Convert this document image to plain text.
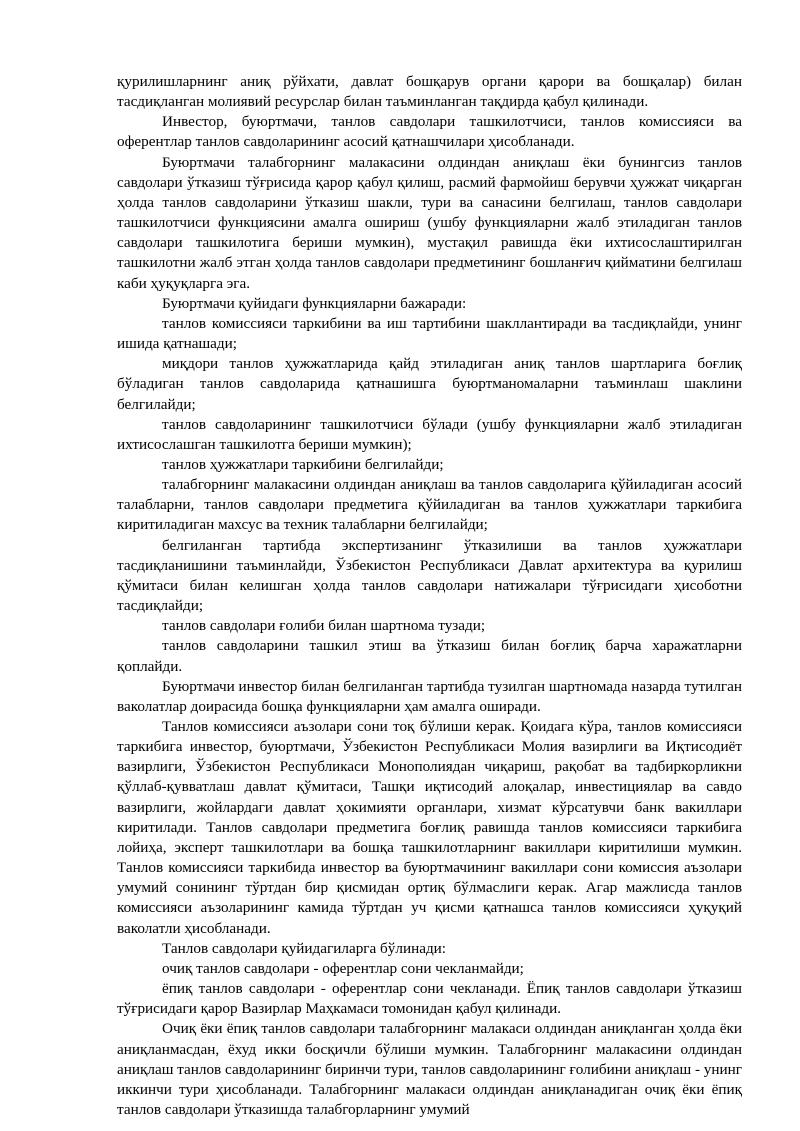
қурилишларнинг аниқ рўйхати, давлат бошқарув органи қарори ва бошқалар) билан тасдиқланган молиявий ресурслар билан таъминланган тақдирда қабул қилинади.

Инвестор, буюртмачи, танлов савдолари ташкилотчиси, танлов комиссияси ва оферентлар танлов савдоларининг асосий қатнашчилари ҳисобланади.

Буюртмачи талабгорнинг малакасини олдиндан аниқлаш ёки бунингсиз танлов савдолари ўтказиш тўғрисида қарор қабул қилиш, расмий фармойиш берувчи ҳужжат чиқарган ҳолда танлов савдоларини ўтказиш шакли, тури ва санасини белгилаш, танлов савдолари ташкилотчиси функциясини амалга ошириш (ушбу функцияларни жалб этиладиган танлов савдолари ташкилотига бериши мумкин), мустақил равишда ёки ихтисослаштирилган ташкилотни жалб этган ҳолда танлов савдолари предметининг бошланғич қийматини белгилаш каби ҳуқуқларга эга.

Буюртмачи қуйидаги функцияларни бажаради:

танлов комиссияси таркибини ва иш тартибини шакллантиради ва тасдиқлайди, унинг ишида қатнашади;

миқдори танлов ҳужжатларида қайд этиладиган аниқ танлов шартларига боғлиқ бўладиган танлов савдоларида қатнашишга буюртманомаларни таъминлаш шаклини белгилайди;

танлов савдоларининг ташкилотчиси бўлади (ушбу функцияларни жалб этиладиган ихтисослашган ташкилотга бериши мумкин);

танлов ҳужжатлари таркибини белгилайди;

талабгорнинг малакасини олдиндан аниқлаш ва танлов савдоларига қўйиладиган асосий талабларни, танлов савдолари предметига қўйиладиган ва танлов ҳужжатлари таркибига киритиладиган махсус ва техник талабларни белгилайди;

белгиланган тартибда экспертизанинг ўтказилиши ва танлов ҳужжатлари тасдиқланишини таъминлайди, Ўзбекистон Республикаси Давлат архитектура ва қурилиш қўмитаси билан келишган ҳолда танлов савдолари натижалари тўғрисидаги ҳисоботни тасдиқлайди;

танлов савдолари ғолиби билан шартнома тузади;

танлов савдоларини ташкил этиш ва ўтказиш билан боғлиқ барча харажатларни қоплайди.

Буюртмачи инвестор билан белгиланган тартибда тузилган шартномада назарда тутилган ваколатлар доирасида бошқа функцияларни ҳам амалга оширади.

Танлов комиссияси аъзолари сони тоқ бўлиши керак. Қоидага кўра, танлов комиссияси таркибига инвестор, буюртмачи, Ўзбекистон Республикаси Молия вазирлиги ва Иқтисодиёт вазирлиги, Ўзбекистон Республикаси Монополиядан чиқариш, рақобат ва тадбиркорликни қўллаб-қувватлаш давлат қўмитаси, Ташқи иқтисодий алоқалар, инвестициялар ва савдо вазирлиги, жойлардаги давлат ҳокимияти органлари, хизмат кўрсатувчи банк вакиллари киритилади. Танлов савдолари предметига боғлиқ равишда танлов комиссияси таркибига лойиҳа, эксперт ташкилотлари ва бошқа ташкилотларнинг вакиллари киритилиши мумкин. Танлов комиссияси таркибида инвестор ва буюртмачининг вакиллари сони комиссия аъзолари умумий сонининг тўртдан бир қисмидан ортиқ бўлмаслиги керак. Агар мажлисда танлов комиссияси аъзоларининг камида тўртдан уч қисми қатнашса танлов комиссияси ҳуқуқий ваколатли ҳисобланади.

Танлов савдолари қуйидагиларга бўлинади:

очиқ танлов савдолари - оферентлар сони чекланмайди;

ёпиқ танлов савдолари - оферентлар сони чекланади. Ёпиқ танлов савдолари ўтказиш тўғрисидаги қарор Вазирлар Маҳкамаси томонидан қабул қилинади.

Очиқ ёки ёпиқ танлов савдолари талабгорнинг малакаси олдиндан аниқланган ҳолда ёки аниқланмасдан, ёхуд икки босқичли бўлиши мумкин. Талабгорнинг малакасини олдиндан аниқлаш танлов савдоларининг биринчи тури, танлов савдоларининг ғолибини аниқлаш - унинг иккинчи тури ҳисобланади. Талабгорнинг малакаси олдиндан аниқланадиган очиқ ёки ёпиқ танлов савдолари ўтказишда талабгорларнинг умумий
